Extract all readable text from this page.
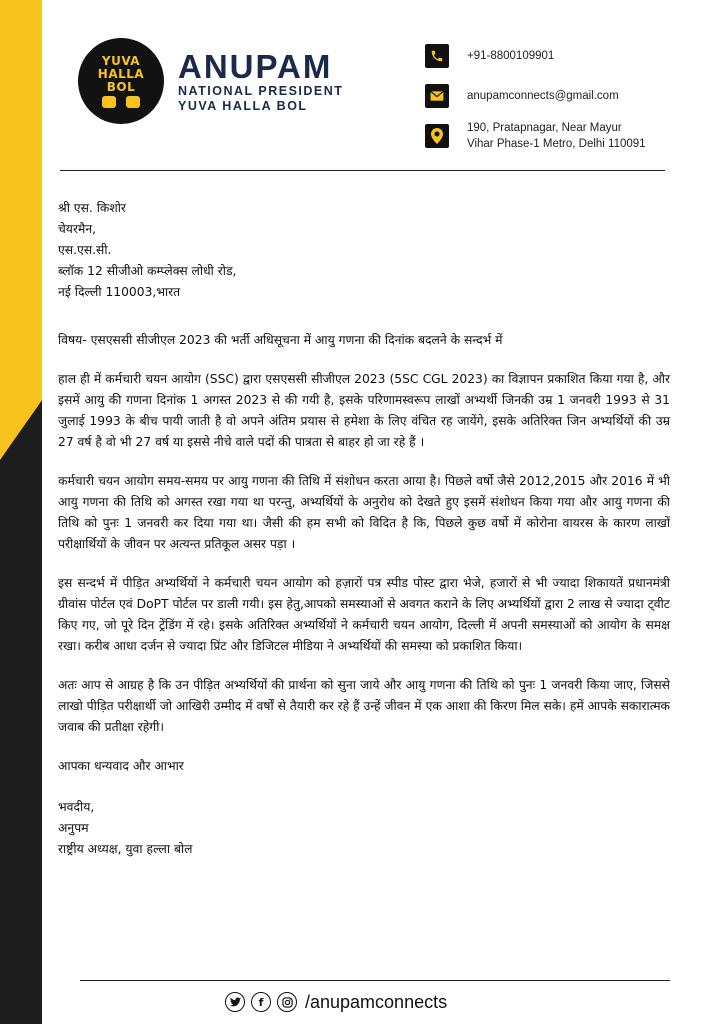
YUVA
HALLA
BOL
ANUPAM
NATIONAL PRESIDENT
YUVA HALLA BOL
+91-8800109901
anupamconnects@gmail.com
190, Pratapnagar, Near Mayur
Vihar Phase-1 Metro, Delhi 110091

श्री एस. किशोर

चेयरमैन,

एस.एस.सी.

ब्लॉक 12 सीजीओ कम्प्लेक्स लोधी रोड,

नई दिल्ली 110003,भारत

विषय- एसएससी सीजीएल 2023 की भर्ती अधिसूचना में आयु गणना की दिनांक बदलने के सन्दर्भ में

हाल ही में कर्मचारी चयन आयोग (SSC) द्वारा एसएससी सीजीएल 2023 (5SC CGL 2023) का विज्ञापन प्रकाशित किया गया है, और इसमें आयु की गणना दिनांक 1 अगस्त 2023 से की गयी है, इसके परिणामस्वरूप लाखों अभ्यर्थी जिनकी उम्र 1 जनवरी 1993 से 31 जुलाई 1993 के बीच पायी जाती है वो अपने अंतिम प्रयास से हमेशा के लिए वंचित रह जायेंगे, इसके अतिरिक्त जिन अभ्यर्थियों की उम्र 27 वर्ष है वो भी 27 वर्ष या इससे नीचे वाले पदों की पात्रता से बाहर हो जा रहे हैं ।

कर्मचारी चयन आयोग समय-समय पर आयु गणना की तिथि में संशोधन करता आया है। पिछले वर्षो जैसे 2012,2015 और 2016 में भी आयु गणना की तिथि को अगस्त रखा गया था परन्तु, अभ्यर्थियों के अनुरोध को देखते हुए इसमें संशोधन किया गया और आयु गणना की तिथि को पुनः 1 जनवरी कर दिया गया था। जैसी की हम सभी को विदित है कि, पिछले कुछ वर्षो में कोरोना वायरस के कारण लाखों परीक्षार्थियों के जीवन पर अत्यन्त प्रतिकूल असर पड़ा ।

इस सन्दर्भ में पीड़ित अभ्यर्थियों ने कर्मचारी चयन आयोग को हज़ारों पत्र स्पीड पोस्ट द्वारा भेजे, हजारों से भी ज्यादा शिकायतें प्रधानमंत्री ग्रीवांस पोर्टल एवं DoPT पोर्टल पर डाली गयी। इस हेतु,आपको समस्याओं से अवगत कराने के लिए अभ्यर्थियों द्वारा 2 लाख से ज्यादा ट्वीट किए गए, जो पूरे दिन ट्रेंडिंग में रहे। इसके अतिरिक्त अभ्यर्थियों ने कर्मचारी चयन आयोग, दिल्ली में अपनी समस्याओं को आयोग के समक्ष रखा। करीब आधा दर्जन से ज्यादा प्रिंट और डिजिटल मीडिया ने अभ्यर्थियों की समस्या को प्रकाशित किया।

अतः आप से आग्रह है कि उन पीड़ित अभ्यर्थियों की प्रार्थना को सुना जाये और आयु गणना की तिथि को पुनः 1 जनवरी किया जाए, जिससे लाखो पीड़ित परीक्षार्थी जो आखिरी उम्मीद में वर्षों से तैयारी कर रहे हैं उन्हें जीवन में एक आशा की किरण मिल सके। हमें आपके सकारात्मक जवाब की प्रतीक्षा रहेगी।

आपका धन्यवाद और आभार

भवदीय,

अनुपम

राष्ट्रीय अध्यक्ष, युवा हल्ला बोल

f	/anupamconnects
